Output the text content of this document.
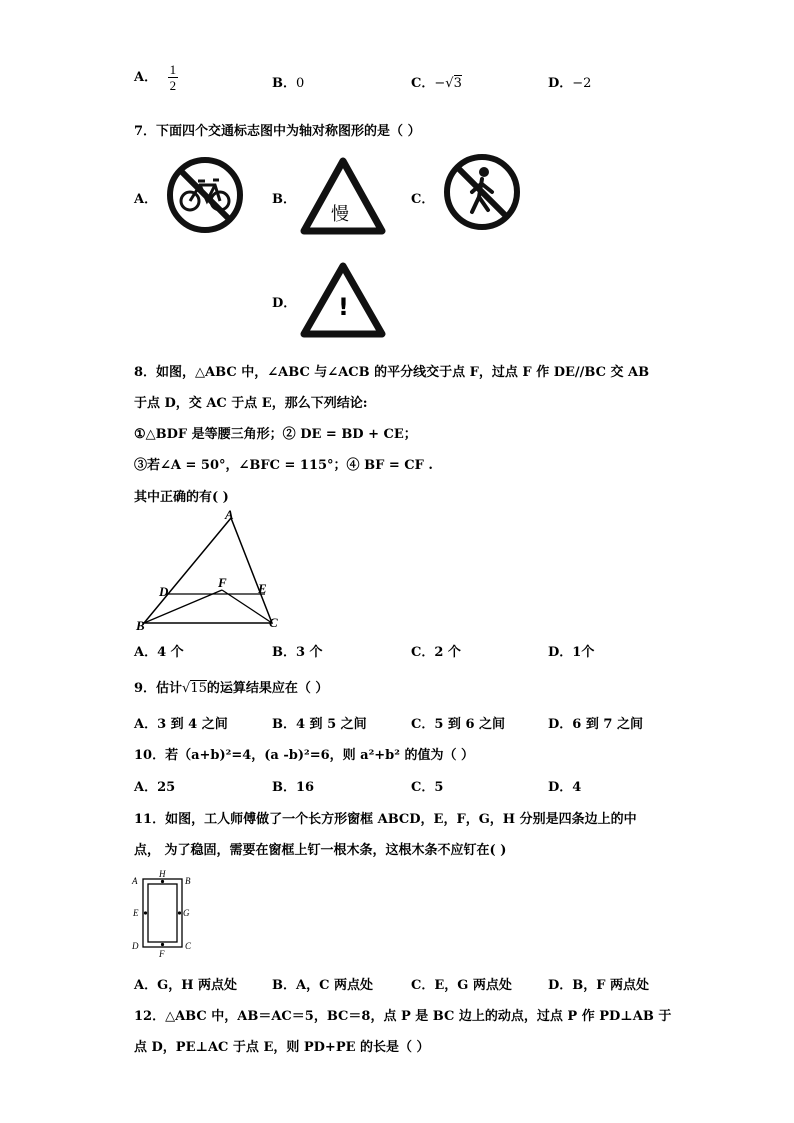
A． $\frac{1}{2}$	B．0	C．−√3	D．−2
7．下面四个交通标志图中为轴对称图形的是（ ）
A．	B．
慢
C．
D． !
8．如图，△ABC 中，∠ABC 与∠ACB 的平分线交于点 F，过点 F 作 DE//BC 交 AB
于点 D，交 AC 于点 E，那么下列结论:
①△BDF 是等腰三角形；② DE = BD + CE；
③若∠A = 50°，∠BFC = 115°；④ BF = CF .
其中正确的有( )
A
D
F E
B	C
A．4 个	B．3 个	C．2 个	D．1个
9．估计√15的运算结果应在（ ）
A．3 到 4 之间	B．4 到 5 之间	C．5 到 6 之间	D．6 到 7 之间
10．若（a+b)²=4，(a -b)²=6，则 a²+b² 的值为（ ）
A．25	B．16	C．5	D．4
11．如图，工人师傅做了一个长方形窗框 ABCD，E，F，G，H 分别是四条边上的中
点， 为了稳固，需要在窗框上钉一根木条，这根木条不应钉在( )
A
H
B
E	G
D
F
C
A．G，H 两点处	B．A，C 两点处	C．E，G 两点处	D．B，F 两点处
12．△ABC 中，AB＝AC＝5，BC＝8，点 P 是 BC 边上的动点，过点 P 作 PD⊥AB 于
点 D，PE⊥AC 于点 E，则 PD+PE 的长是（ ）
